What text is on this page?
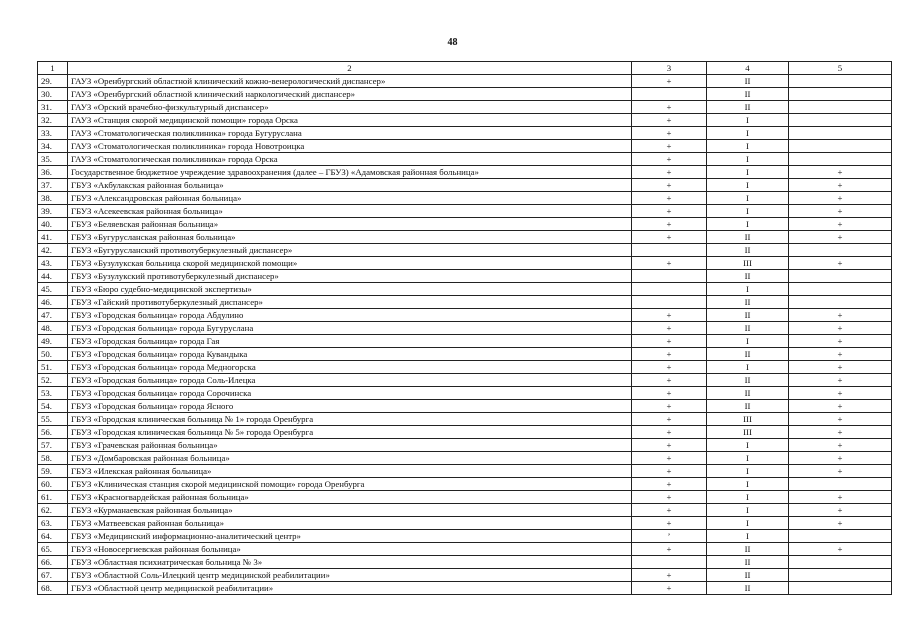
48
1	2	3	4	5
29.	ГАУЗ «Оренбургский областной клинический кожно-венерологический диспансер»	+	II	
30.	ГАУЗ «Оренбургский областной клинический наркологический диспансер»		II	
31.	ГАУЗ «Орский врачебно-физкультурный диспансер»	+	II	
32.	ГАУЗ «Станция скорой медицинской помощи» города Орска	+	I	
33.	ГАУЗ «Стоматологическая поликлиника» города Бугуруслана	+	I	
34.	ГАУЗ «Стоматологическая поликлиника» города Новотроицка	+	I	
35.	ГАУЗ «Стоматологическая поликлиника» города Орска	+	I	
36.	Государственное бюджетное учреждение здравоохранения (далее – ГБУЗ) «Адамовская районная больница»	+	I	+
37.	ГБУЗ «Акбулакская районная больница»	+	I	+
38.	ГБУЗ «Александровская районная больница»	+	I	+
39.	ГБУЗ «Асекеевская районная больница»	+	I	+
40.	ГБУЗ «Беляевская районная больница»	+	I	+
41.	ГБУЗ «Бугурусланская районная больница»	+	II	+
42.	ГБУЗ «Бугурусланский противотуберкулезный диспансер»		II	
43.	ГБУЗ «Бузулукская больница скорой медицинской помощи»	+	III	+
44.	ГБУЗ «Бузулукский противотуберкулезный диспансер»		II	
45.	ГБУЗ «Бюро судебно-медицинской экспертизы»		I	
46.	ГБУЗ «Гайский противотуберкулезный диспансер»		II	
47.	ГБУЗ «Городская больница» города Абдулино	+	II	+
48.	ГБУЗ «Городская больница» города Бугуруслана	+	II	+
49.	ГБУЗ «Городская больница» города Гая	+	I	+
50.	ГБУЗ «Городская больница» города Кувандыка	+	II	+
51.	ГБУЗ «Городская больница» города Медногорска	+	I	+
52.	ГБУЗ «Городская больница» города Соль-Илецка	+	II	+
53.	ГБУЗ «Городская больница» города Сорочинска	+	II	+
54.	ГБУЗ «Городская больница» города Ясного	+	II	+
55.	ГБУЗ «Городская клиническая больница № 1» города Оренбурга	+	III	+
56.	ГБУЗ «Городская клиническая больница № 5» города Оренбурга	+	III	+
57.	ГБУЗ «Грачевская районная больница»	+	I	+
58.	ГБУЗ «Домбаровская районная больница»	+	I	+
59.	ГБУЗ «Илекская районная больница»	+	I	+
60.	ГБУЗ «Клиническая станция скорой медицинской помощи» города Оренбурга	+	I	
61.	ГБУЗ «Красногвардейская районная больница»	+	I	+
62.	ГБУЗ «Курманаевская районная больница»	+	I	+
63.	ГБУЗ «Матвеевская районная больница»	+	I	+
64.	ГБУЗ «Медицинский информационно-аналитический центр»	’	I	
65.	ГБУЗ «Новосергиевская районная больница»	+	II	+
66.	ГБУЗ «Областная психиатрическая больница № 3»		II	
67.	ГБУЗ «Областной Соль-Илецкий центр медицинской реабилитации»	+	II	
68.	ГБУЗ «Областной центр медицинской реабилитации»	+	II	
